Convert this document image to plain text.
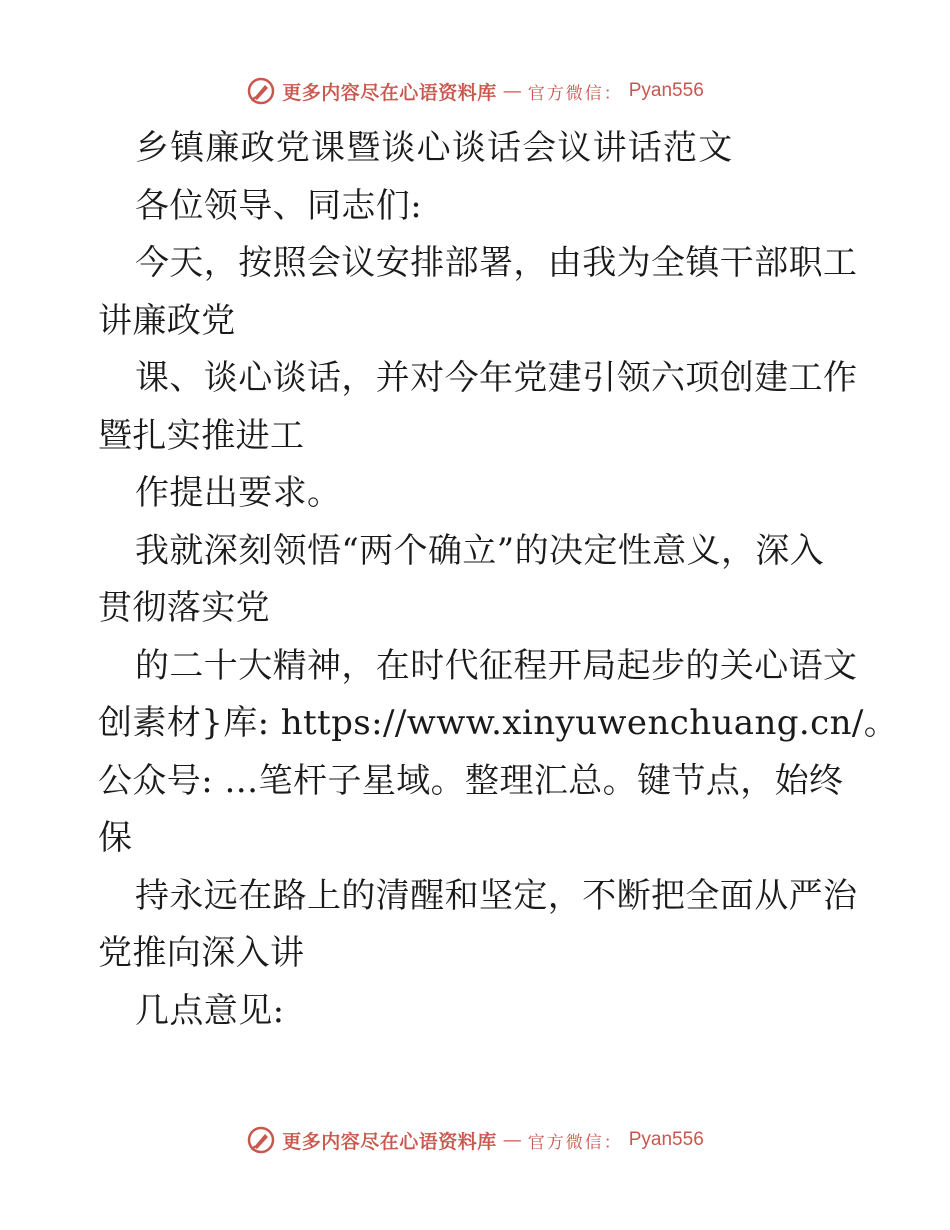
更多内容尽在心语资料库 — 官方微信： Pyan556
乡镇廉政党课暨谈心谈话会议讲话范文
各位领导、同志们:
今天，按照会议安排部署，由我为全镇干部职工
讲廉政党
课、谈心谈话，并对今年党建引领六项创建工作
暨扎实推进工
作提出要求。
我就深刻领悟“两个确立”的决定性意义，深入
贯彻落实党
的二十大精神，在时代征程开局起步的关心语文
创素材}库: https://www.xinyuwenchuang.cn/。
公众号: …笔杆子星域。整理汇总。键节点，始终
保
持永远在路上的清醒和坚定，不断把全面从严治
党推向深入讲
几点意见:
更多内容尽在心语资料库 — 官方微信： Pyan556
